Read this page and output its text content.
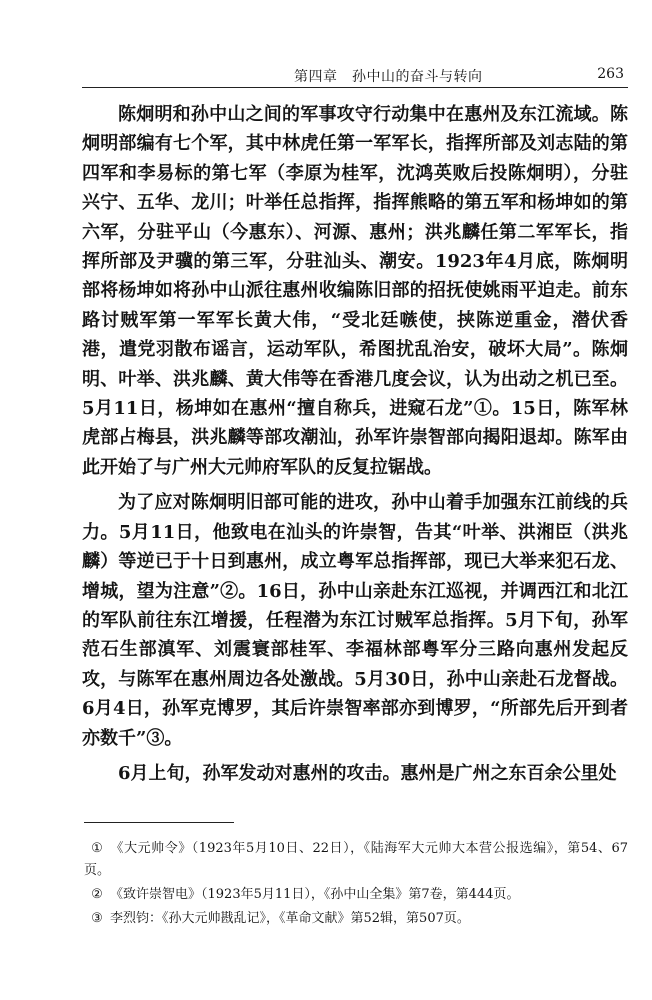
第四章　孙中山的奋斗与转向	263

陈炯明和孙中山之间的军事攻守行动集中在惠州及东江流域。陈炯明部编有七个军，其中林虎任第一军军长，指挥所部及刘志陆的第四军和李易标的第七军（李原为桂军，沈鸿英败后投陈炯明），分驻兴宁、五华、龙川；叶举任总指挥，指挥熊略的第五军和杨坤如的第六军，分驻平山（今惠东）、河源、惠州；洪兆麟任第二军军长，指挥所部及尹骥的第三军，分驻汕头、潮安。1923年4月底，陈炯明部将杨坤如将孙中山派往惠州收编陈旧部的招抚使姚雨平迫走。前东路讨贼军第一军军长黄大伟，“受北廷嗾使，挟陈逆重金，潜伏香港，遣党羽散布谣言，运动军队，希图扰乱治安，破坏大局”。陈炯明、叶举、洪兆麟、黄大伟等在香港几度会议，认为出动之机已至。5月11日，杨坤如在惠州“擅自称兵，进窥石龙”①。15日，陈军林虎部占梅县，洪兆麟等部攻潮汕，孙军许崇智部向揭阳退却。陈军由此开始了与广州大元帅府军队的反复拉锯战。

为了应对陈炯明旧部可能的进攻，孙中山着手加强东江前线的兵力。5月11日，他致电在汕头的许崇智，告其“叶举、洪湘臣（洪兆麟）等逆已于十日到惠州，成立粤军总指挥部，现已大举来犯石龙、增城，望为注意”②。16日，孙中山亲赴东江巡视，并调西江和北江的军队前往东江增援，任程潜为东江讨贼军总指挥。5月下旬，孙军范石生部滇军、刘震寰部桂军、李福林部粤军分三路向惠州发起反攻，与陈军在惠州周边各处激战。5月30日，孙中山亲赴石龙督战。6月4日，孙军克博罗，其后许崇智率部亦到博罗，“所部先后开到者亦数千”③。

6月上旬，孙军发动对惠州的攻击。惠州是广州之东百余公里处

① 《大元帅令》（1923年5月10日、22日），《陆海军大元帅大本营公报选编》，第54、67页。
② 《致许崇智电》（1923年5月11日），《孙中山全集》第7卷，第444页。
③ 李烈钧：《孙大元帅戡乱记》，《革命文献》第52辑，第507页。
